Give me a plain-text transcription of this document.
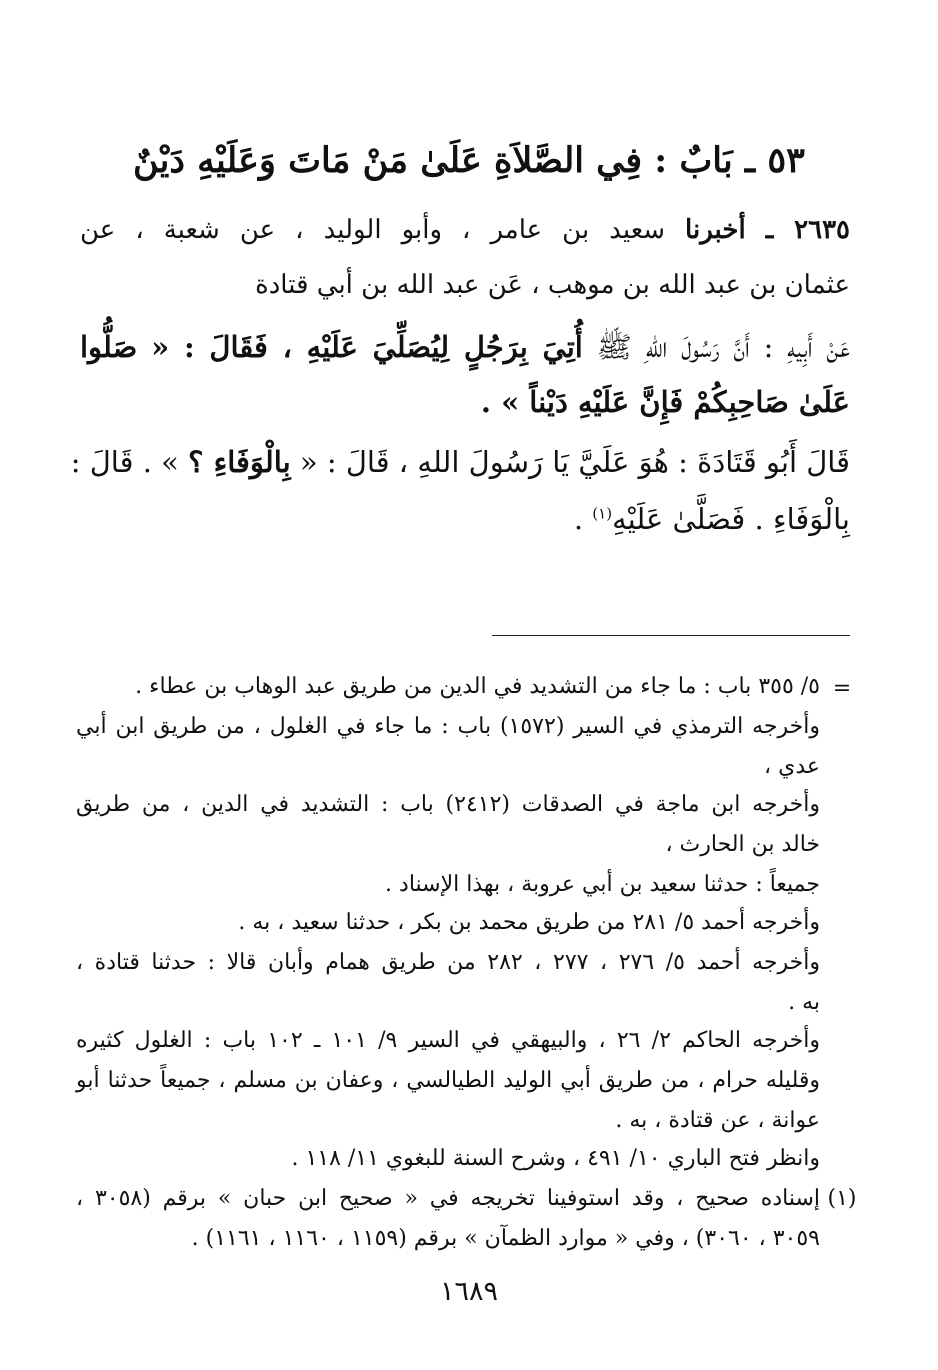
٥٣ ـ بَابٌ : فِي الصَّلاَةِ عَلَىٰ مَنْ مَاتَ وَعَلَيْهِ دَيْنٌ
٢٦٣٥ ـ أخبرنا سعيد بن عامر ، وأبو الوليد ، عن شعبة ، عن
عثمان بن عبد الله بن موهب ، عَن عبد الله بن أبي قتادة
عَنْ أَبِيهِ : أَنَّ رَسُولَ اللهِ ﷺ أُتِيَ بِرَجُلٍ لِيُصَلِّيَ عَلَيْهِ ، فَقَالَ : « صَلُّوا
عَلَىٰ صَاحِبِكُمْ فَإِنَّ عَلَيْهِ دَيْناً » .
قَالَ أَبُو قَتَادَةَ : هُوَ عَلَيَّ يَا رَسُولَ اللهِ ، قَالَ : « بِالْوَفَاءِ ؟ » . قَالَ :
بِالْوَفَاءِ . فَصَلَّىٰ عَلَيْهِ$^{(١)}$ .
=
٥/ ٣٥٥ باب : ما جاء من التشديد في الدين من طريق عبد الوهاب بن عطاء .
وأخرجه الترمذي في السير (١٥٧٢) باب : ما جاء في الغلول ، من طريق ابن أبي
عدي ،
وأخرجه ابن ماجة في الصدقات (٢٤١٢) باب : التشديد في الدين ، من طريق
خالد بن الحارث ،
جميعاً : حدثنا سعيد بن أبي عروبة ، بهذا الإسناد .
وأخرجه أحمد ٥/ ٢٨١ من طريق محمد بن بكر ، حدثنا سعيد ، به .
وأخرجه أحمد ٥/ ٢٧٦ ، ٢٧٧ ، ٢٨٢ من طريق همام وأبان قالا : حدثنا قتادة ،
به .
وأخرجه الحاكم ٢/ ٢٦ ، والبيهقي في السير ٩/ ١٠١ ـ ١٠٢ باب : الغلول كثيره
وقليله حرام ، من طريق أبي الوليد الطيالسي ، وعفان بن مسلم ، جميعاً حدثنا أبو
عوانة ، عن قتادة ، به .
وانظر فتح الباري ١٠/ ٤٩١ ، وشرح السنة للبغوي ١١/ ١١٨ .
(١)
إسناده صحيح ، وقد استوفينا تخريجه في « صحيح ابن حبان » برقم (٣٠٥٨ ،
٣٠٥٩ ، ٣٠٦٠) ، وفي « موارد الظمآن » برقم (١١٥٩ ، ١١٦٠ ، ١١٦١) .
١٦٨٩
